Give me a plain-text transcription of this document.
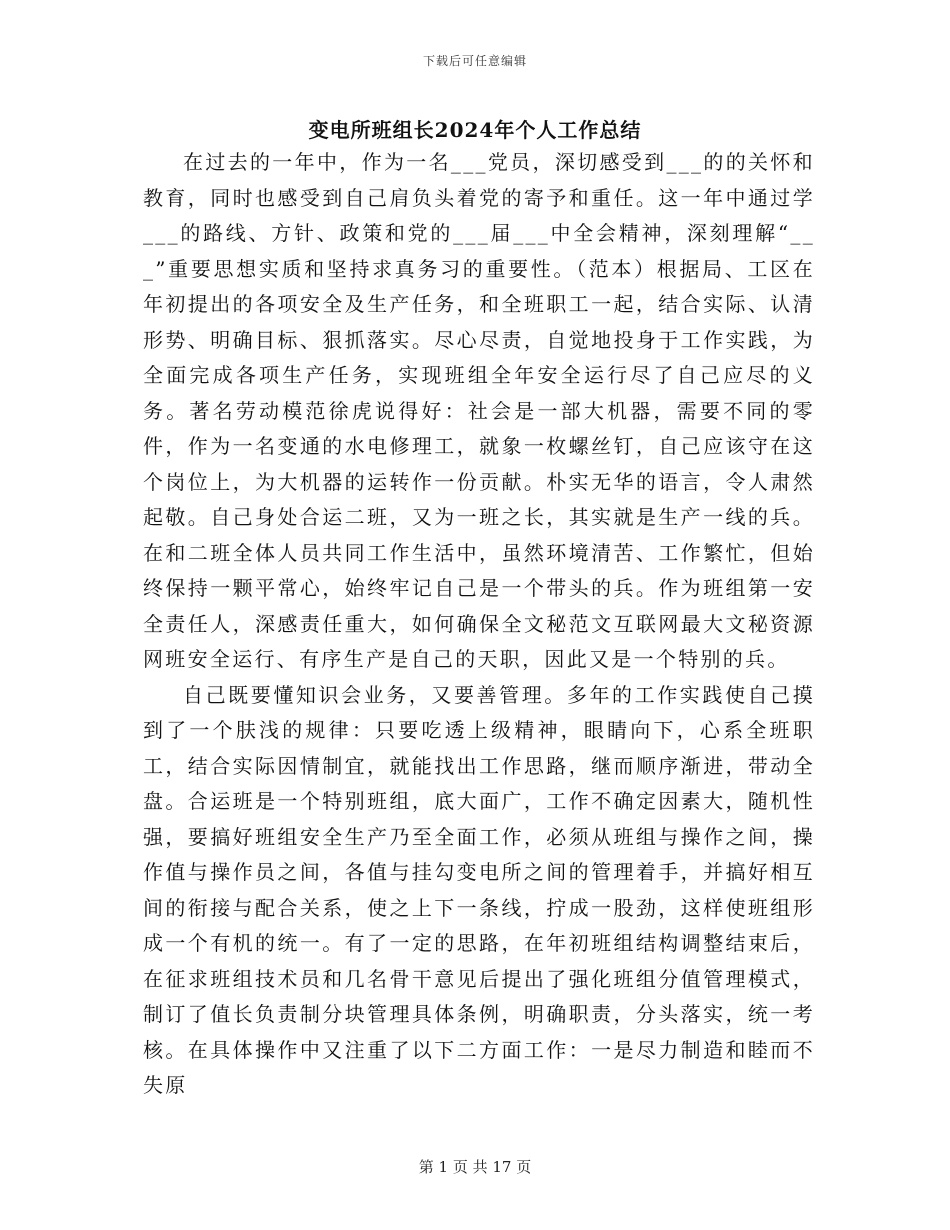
下载后可任意编辑
变电所班组长2024年个人工作总结

在过去的一年中，作为一名___党员，深切感受到___的的关怀和教育，同时也感受到自己肩负头着党的寄予和重任。这一年中通过学___的路线、方针、政策和党的___届___中全会精神，深刻理解“___”重要思想实质和坚持求真务习的重要性。（范本）根据局、工区在年初提出的各项安全及生产任务，和全班职工一起，结合实际、认清形势、明确目标、狠抓落实。尽心尽责，自觉地投身于工作实践，为全面完成各项生产任务，实现班组全年安全运行尽了自己应尽的义务。著名劳动模范徐虎说得好：社会是一部大机器，需要不同的零件，作为一名变通的水电修理工，就象一枚螺丝钉，自己应该守在这个岗位上，为大机器的运转作一份贡献。朴实无华的语言，令人肃然起敬。自己身处合运二班，又为一班之长，其实就是生产一线的兵。在和二班全体人员共同工作生活中，虽然环境清苦、工作繁忙，但始终保持一颗平常心，始终牢记自己是一个带头的兵。作为班组第一安全责任人，深感责任重大，如何确保全文秘范文互联网最大文秘资源网班安全运行、有序生产是自己的天职，因此又是一个特别的兵。

自己既要懂知识会业务，又要善管理。多年的工作实践使自己摸到了一个肤浅的规律：只要吃透上级精神，眼睛向下，心系全班职工，结合实际因情制宜，就能找出工作思路，继而顺序渐进，带动全盘。合运班是一个特别班组，底大面广，工作不确定因素大，随机性强，要搞好班组安全生产乃至全面工作，必须从班组与操作之间，操作值与操作员之间，各值与挂勾变电所之间的管理着手，并搞好相互间的衔接与配合关系，使之上下一条线，拧成一股劲，这样使班组形成一个有机的统一。有了一定的思路，在年初班组结构调整结束后，在征求班组技术员和几名骨干意见后提出了强化班组分值管理模式，制订了值长负责制分块管理具体条例，明确职责，分头落实，统一考核。在具体操作中又注重了以下二方面工作：一是尽力制造和睦而不失原

第 1 页 共 17 页
